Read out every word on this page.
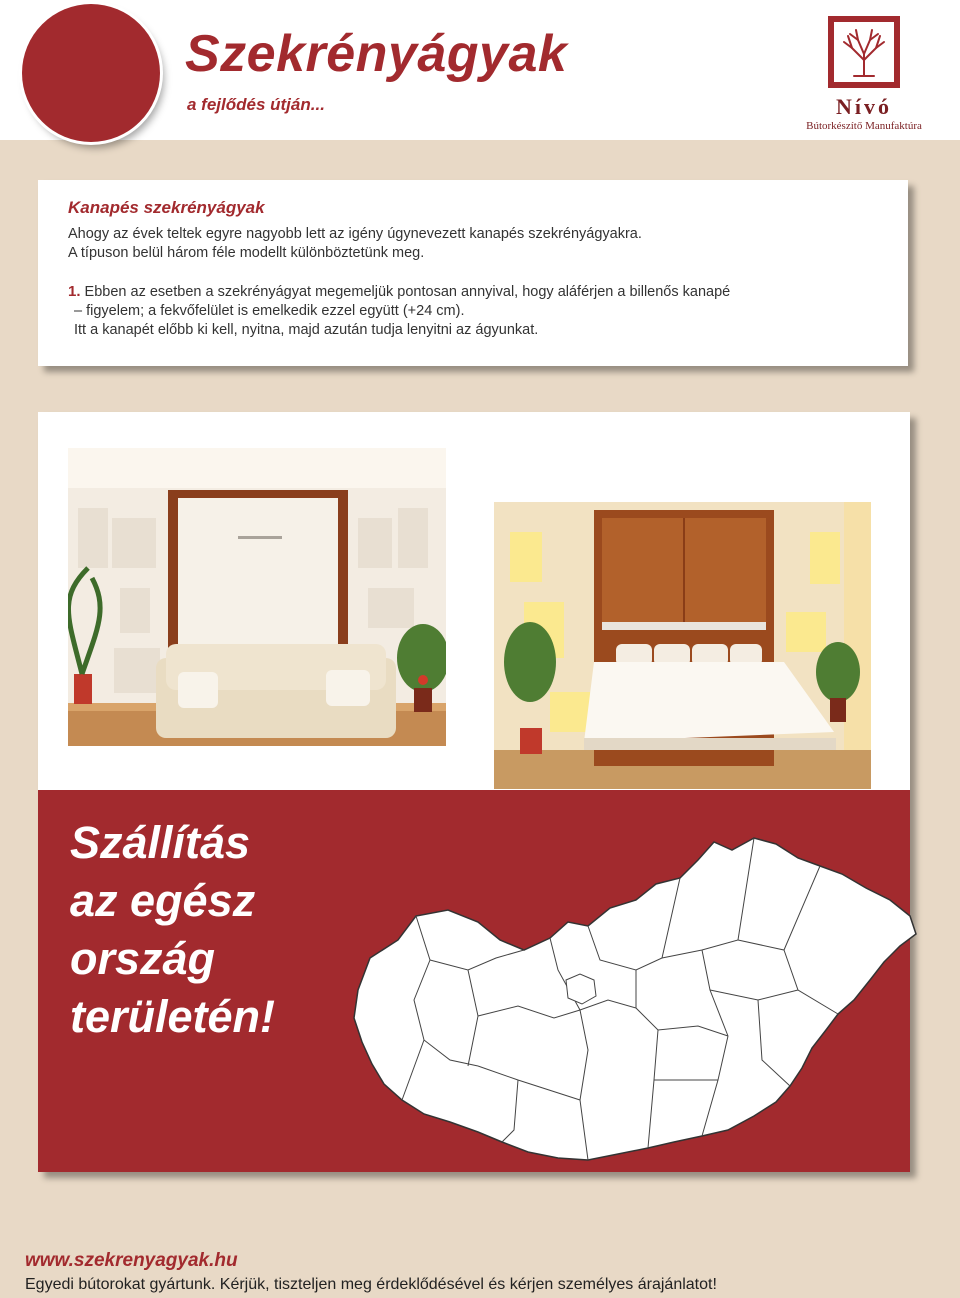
Szekrényágyak
a fejlődés útján...	Nívó
Bútorkészítő Manufaktúra
Kanapés szekrényágyak

Ahogy az évek teltek egyre nagyobb lett az igény úgynevezett kanapés szekrényágyakra.
A típuson belül három féle modellt különböztetünk meg.

1. Ebben az esetben a szekrényágyat megemeljük pontosan annyival, hogy aláférjen a billenős kanapé
– figyelem; a fekvőfelület is emelkedik ezzel együtt (+24 cm).
Itt a kanapét előbb ki kell, nyitna, majd azután tudja lenyitni az ágyunkat.

Szállítás
az egész
ország
területén!
www.szekrenyagyak.hu
Egyedi bútorokat gyártunk. Kérjük, tiszteljen meg érdeklődésével és kérjen személyes árajánlatot!
